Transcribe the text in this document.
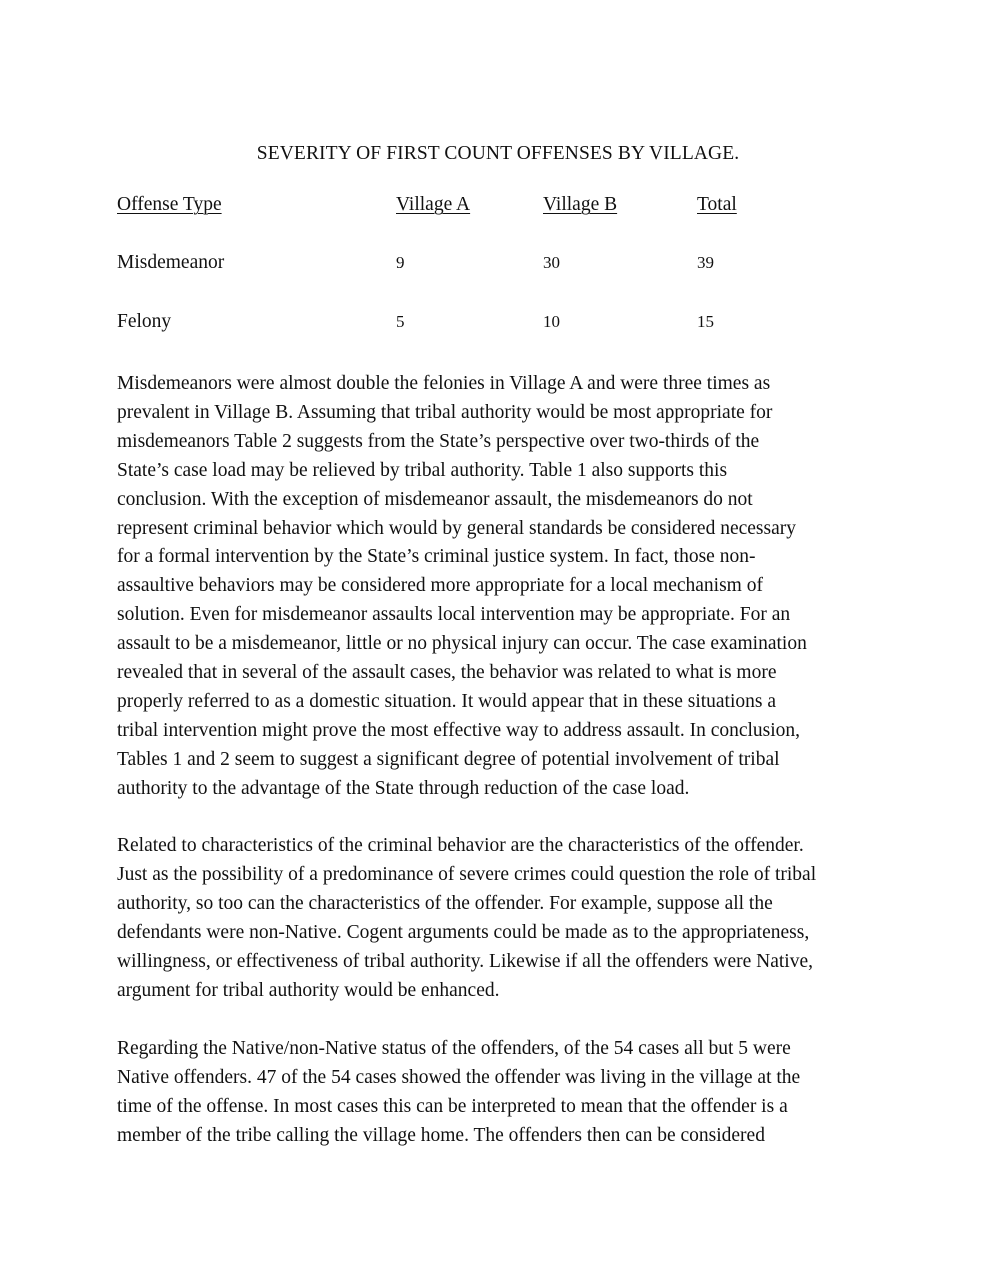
SEVERITY OF FIRST COUNT OFFENSES BY VILLAGE.
Offense Type	Village A	Village B	Total
Misdemeanor	9	30	39
Felony	5	10	15

Misdemeanors were almost double the felonies in Village A and were three times as
prevalent in Village B. Assuming that tribal authority would be most appropriate for
misdemeanors Table 2 suggests from the State’s perspective over two-thirds of the
State’s case load may be relieved by tribal authority. Table 1 also supports this
conclusion. With the exception of misdemeanor assault, the misdemeanors do not
represent criminal behavior which would by general standards be considered necessary
for a formal intervention by the State’s criminal justice system. In fact, those non-
assaultive behaviors may be considered more appropriate for a local mechanism of
solution. Even for misdemeanor assaults local intervention may be appropriate. For an
assault to be a misdemeanor, little or no physical injury can occur. The case examination
revealed that in several of the assault cases, the behavior was related to what is more
properly referred to as a domestic situation. It would appear that in these situations a
tribal intervention might prove the most effective way to address assault. In conclusion,
Tables 1 and 2 seem to suggest a significant degree of potential involvement of tribal
authority to the advantage of the State through reduction of the case load.

Related to characteristics of the criminal behavior are the characteristics of the offender.
Just as the possibility of a predominance of severe crimes could question the role of tribal
authority, so too can the characteristics of the offender. For example, suppose all the
defendants were non-Native. Cogent arguments could be made as to the appropriateness,
willingness, or effectiveness of tribal authority. Likewise if all the offenders were Native,
argument for tribal authority would be enhanced.

Regarding the Native/non-Native status of the offenders, of the 54 cases all but 5 were
Native offenders. 47 of the 54 cases showed the offender was living in the village at the
time of the offense. In most cases this can be interpreted to mean that the offender is a
member of the tribe calling the village home. The offenders then can be considered
